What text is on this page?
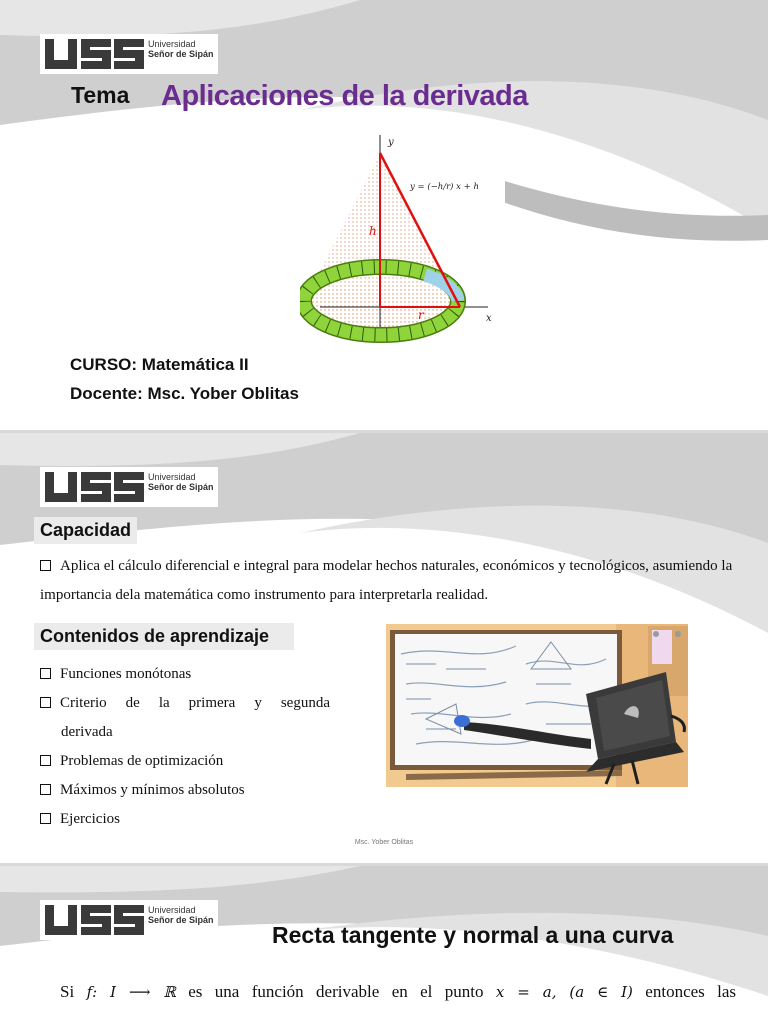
Universidad
Señor de Sipán
Tema Aplicaciones de la derivada
y
x
h
r
y = (−h/r) x + h
CURSO: Matemática II
Docente: Msc. Yober Oblitas
Universidad
Señor de Sipán
Capacidad
Aplica el cálculo diferencial e integral para modelar hechos naturales, económicos y tecnológicos, asumiendo la importancia dela matemática como instrumento para interpretarla realidad.
Contenidos de aprendizaje
Funciones monótonas
Criterio de la primera y segunda
derivada
Problemas de optimización
Máximos y mínimos absolutos
Ejercicios
Msc. Yober Oblitas
Universidad
Señor de Sipán
Recta tangente y normal a una curva
Si f: I ⟶ ℝ es una función derivable en el punto x = a, (a ∈ I) entonces las
